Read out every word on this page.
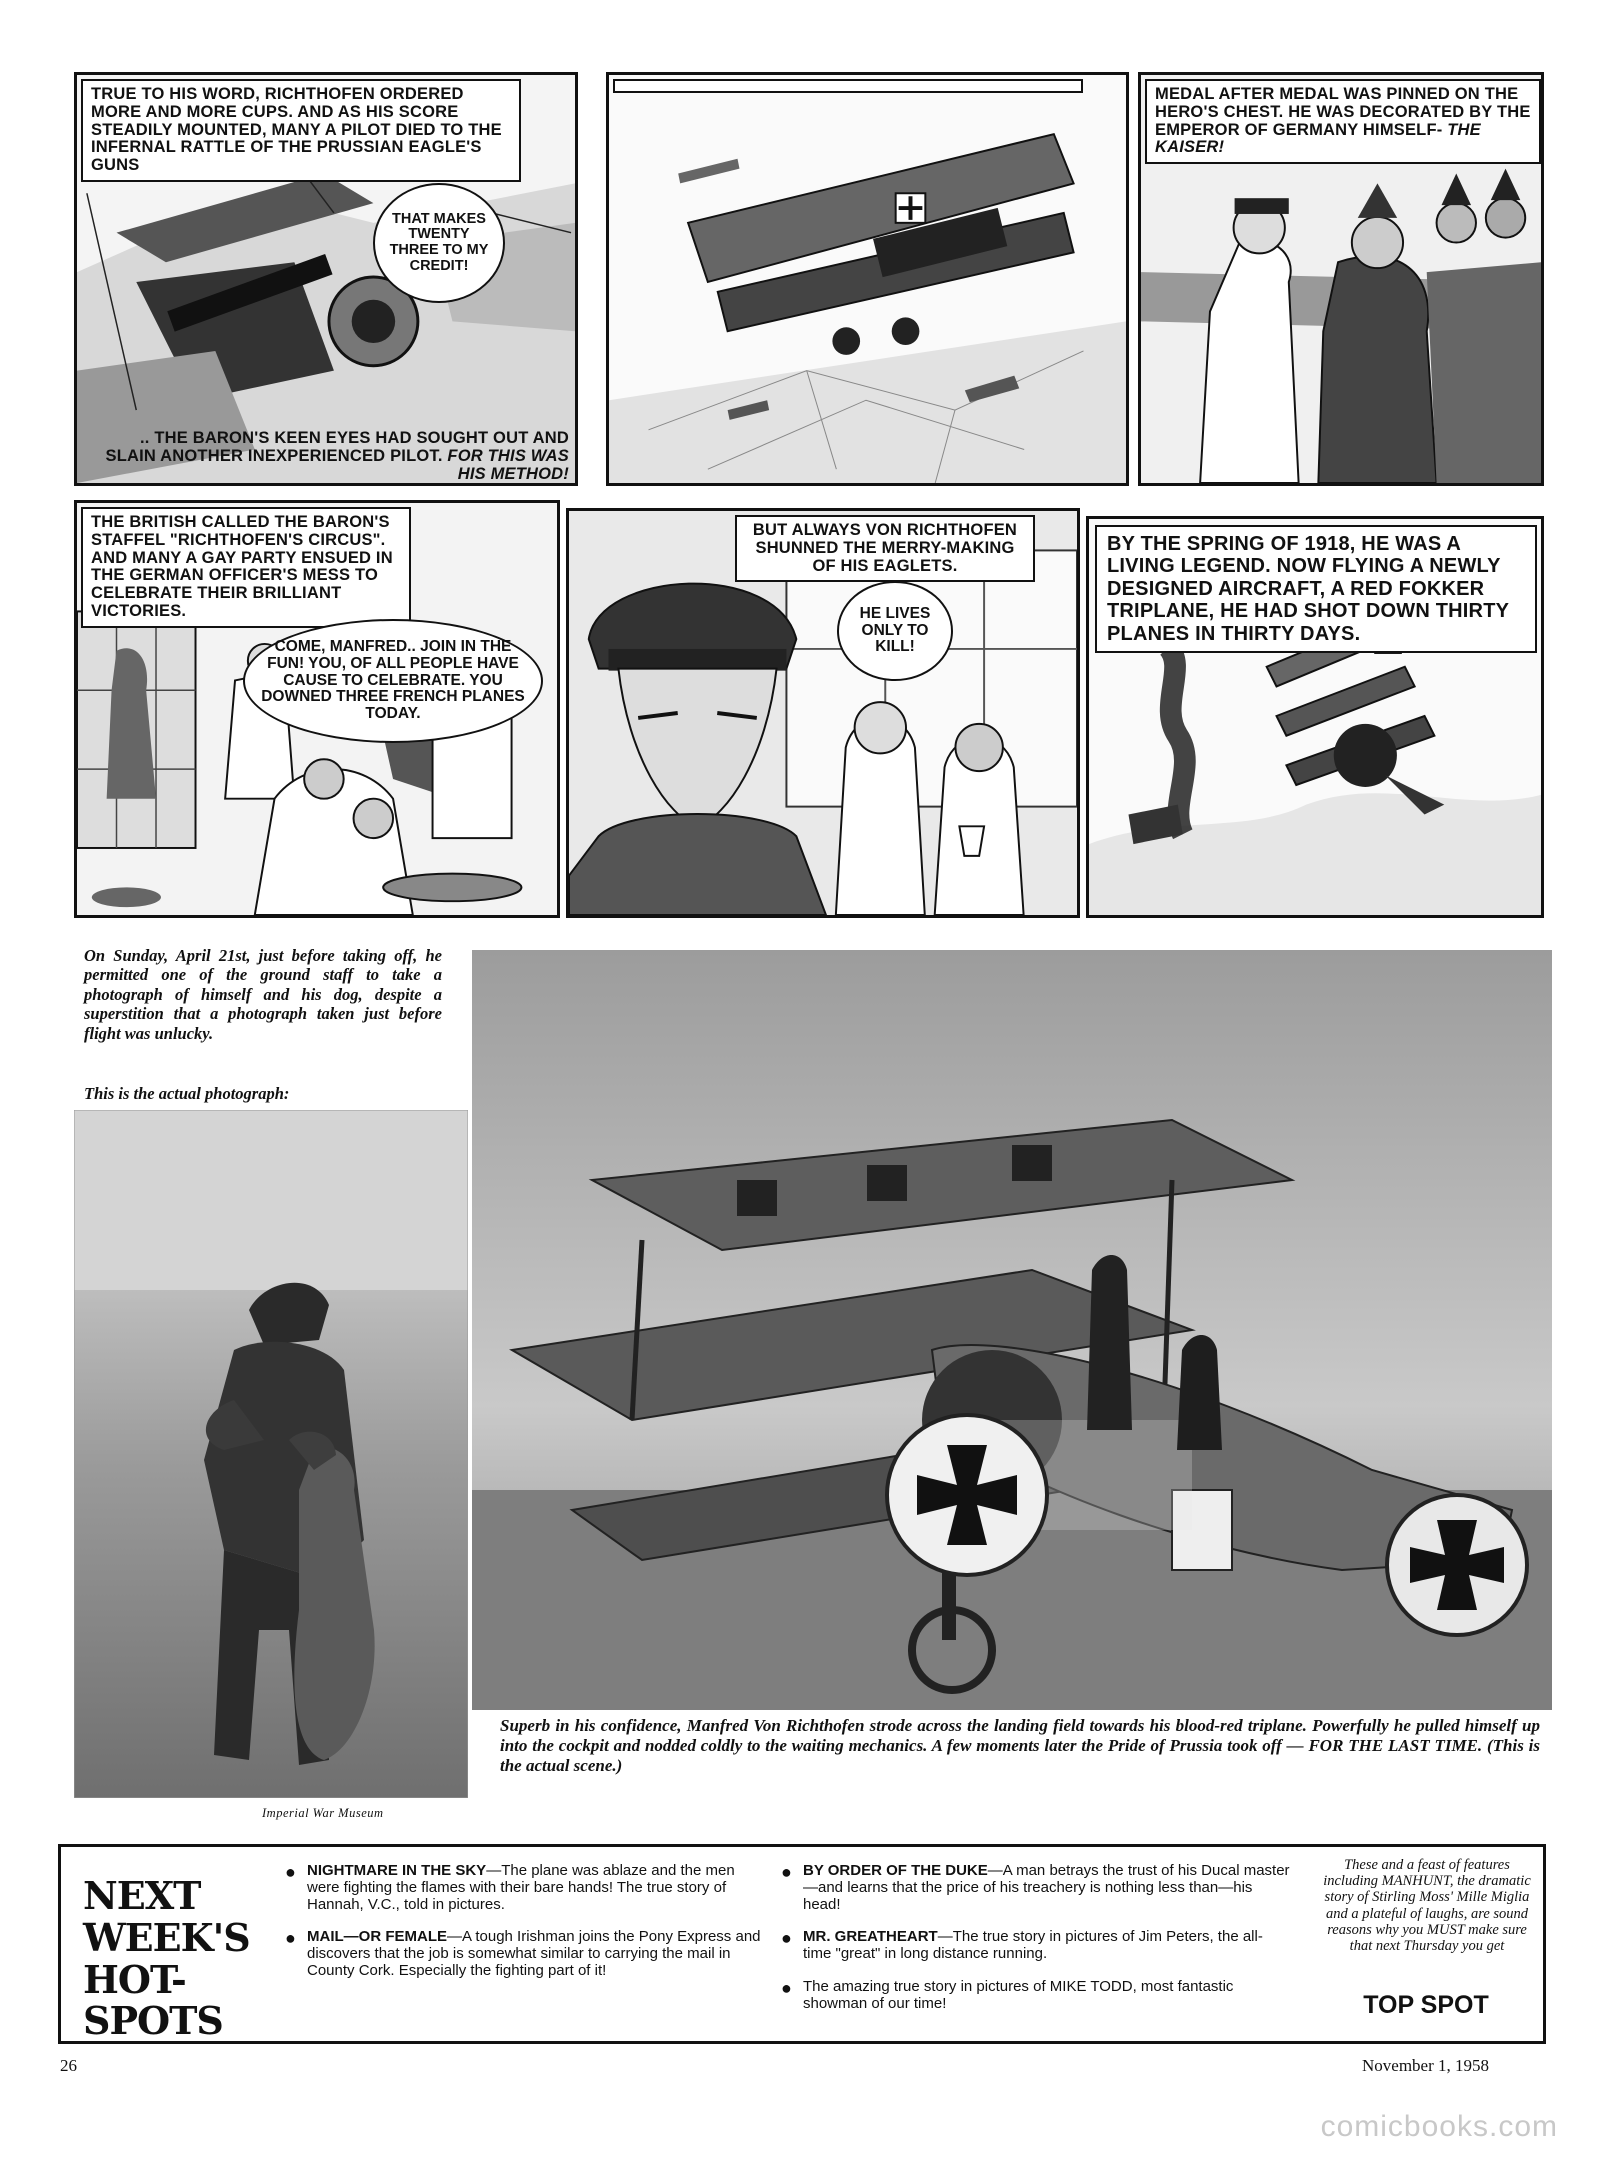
TRUE TO HIS WORD, RICHTHOFEN ORDERED MORE AND MORE CUPS. AND AS HIS SCORE STEADILY MOUNTED, MANY A PILOT DIED TO THE INFERNAL RATTLE OF THE PRUSSIAN EAGLE'S GUNS
THAT MAKES TWENTY THREE TO MY CREDIT!
.. THE BARON'S KEEN EYES HAD SOUGHT OUT AND SLAIN ANOTHER INEXPERIENCED PILOT. FOR THIS WAS HIS METHOD!
MEDAL AFTER MEDAL WAS PINNED ON THE HERO'S CHEST. HE WAS DECORATED BY THE EMPEROR OF GERMANY HIMSELF- THE KAISER!
THE BRITISH CALLED THE BARON'S STAFFEL "RICHTHOFEN'S CIRCUS". AND MANY A GAY PARTY ENSUED IN THE GERMAN OFFICER'S MESS TO CELEBRATE THEIR BRILLIANT VICTORIES.
COME, MANFRED.. JOIN IN THE FUN! YOU, OF ALL PEOPLE HAVE CAUSE TO CELEBRATE. YOU DOWNED THREE FRENCH PLANES TODAY.
BUT ALWAYS VON RICHTHOFEN SHUNNED THE MERRY-MAKING OF HIS EAGLETS.
HE LIVES ONLY TO KILL!
BY THE SPRING OF 1918, HE WAS A LIVING LEGEND. NOW FLYING A NEWLY DESIGNED AIRCRAFT, A RED FOKKER TRIPLANE, HE HAD SHOT DOWN THIRTY PLANES IN THIRTY DAYS.
On Sunday, April 21st, just before taking off, he permitted one of the ground staff to take a photograph of himself and his dog, despite a superstition that a photograph taken just before flight was unlucky.
This is the actual photograph:
Imperial War Museum
Superb in his confidence, Manfred Von Richthofen strode across the landing field towards his blood-red triplane. Powerfully he pulled himself up into the cockpit and nodded coldly to the waiting mechanics. A few moments later the Pride of Prussia took off — FOR THE LAST TIME. (This is the actual scene.)
NEXT
WEEK'S
HOT-
SPOTS
● NIGHTMARE IN THE SKY—The plane was ablaze and the men were fighting the flames with their bare hands! The true story of Hannah, V.C., told in pictures.
● MAIL—OR FEMALE—A tough Irishman joins the Pony Express and discovers that the job is somewhat similar to carrying the mail in County Cork. Especially the fighting part of it!
● BY ORDER OF THE DUKE—A man betrays the trust of his Ducal master—and learns that the price of his treachery is nothing less than—his head!
● MR. GREATHEART—The true story in pictures of Jim Peters, the all-time "great" in long distance running.
● The amazing true story in pictures of MIKE TODD, most fantastic showman of our time!
These and a feast of features including MANHUNT, the dramatic story of Stirling Moss' Mille Miglia and a plateful of laughs, are sound reasons why you MUST make sure that next Thursday you get
TOP SPOT
26	November 1, 1958
comicbooks.com
